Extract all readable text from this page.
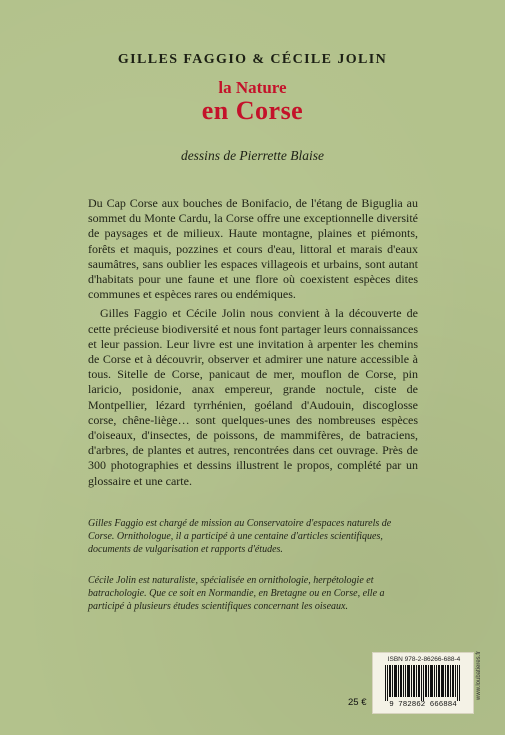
GILLES FAGGIO & CÉCILE JOLIN
la Nature
en Corse
dessins de Pierrette Blaise

Du Cap Corse aux bouches de Bonifacio, de l'étang de Biguglia au sommet du Monte Cardu, la Corse offre une exceptionnelle diversité de paysages et de milieux. Haute montagne, plaines et piémonts, forêts et maquis, pozzines et cours d'eau, littoral et marais d'eaux saumâtres, sans oublier les espaces villageois et urbains, sont autant d'habitats pour une faune et une flore où coexistent espèces dites communes et espèces rares ou endémiques.

Gilles Faggio et Cécile Jolin nous convient à la découverte de cette précieuse biodiversité et nous font partager leurs connaissances et leur passion. Leur livre est une invitation à arpenter les chemins de Corse et à découvrir, observer et admirer une nature accessible à tous. Sitelle de Corse, panicaut de mer, mouflon de Corse, pin laricio, posidonie, anax empereur, grande noctule, ciste de Montpellier, lézard tyrrhénien, goéland d'Audouin, discoglosse corse, chêne-liège… sont quelques-unes des nombreuses espèces d'oiseaux, d'insectes, de poissons, de mammifères, de batraciens, d'arbres, de plantes et autres, rencontrées dans cet ouvrage. Près de 300 photographies et dessins illustrent le propos, complété par un glossaire et une carte.

Gilles Faggio est chargé de mission au Conservatoire d'espaces naturels de Corse. Ornithologue, il a participé à une centaine d'articles scientifiques, documents de vulgarisation et rapports d'études.
Cécile Jolin est naturaliste, spécialisée en ornithologie, herpétologie et batrachologie. Que ce soit en Normandie, en Bretagne ou en Corse, elle a participé à plusieurs études scientifiques concernant les oiseaux.
ISBN 978-2-86266-688-4
9 782862 666884
25 €
www.loubatieres.fr
